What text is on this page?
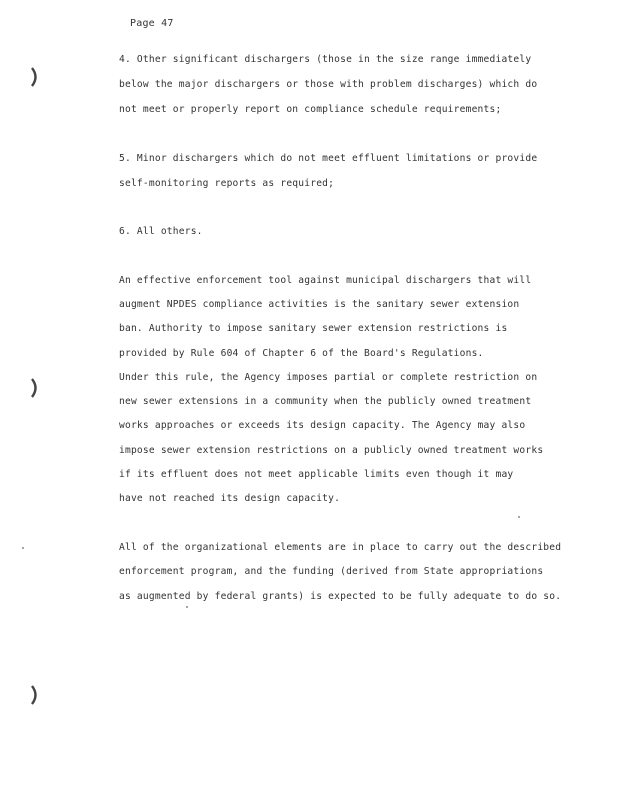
Page 47
4. Other significant dischargers (those in the size range immediately
below the major dischargers or those with problem discharges) which do
not meet or properly report on compliance schedule requirements;
5. Minor dischargers which do not meet effluent limitations or provide
self-monitoring reports as required;
6. All others.
An effective enforcement tool against municipal dischargers that will
augment NPDES compliance activities is the sanitary sewer extension
ban. Authority to impose sanitary sewer extension restrictions is
provided by Rule 604 of Chapter 6 of the Board's Regulations.
Under this rule, the Agency imposes partial or complete restriction on
new sewer extensions in a community when the publicly owned treatment
works approaches or exceeds its design capacity. The Agency may also
impose sewer extension restrictions on a publicly owned treatment works
if its effluent does not meet applicable limits even though it may
have not reached its design capacity.
All of the organizational elements are in place to carry out the described
enforcement program, and the funding (derived from State appropriations
as augmented by federal grants) is expected to be fully adequate to do so.
